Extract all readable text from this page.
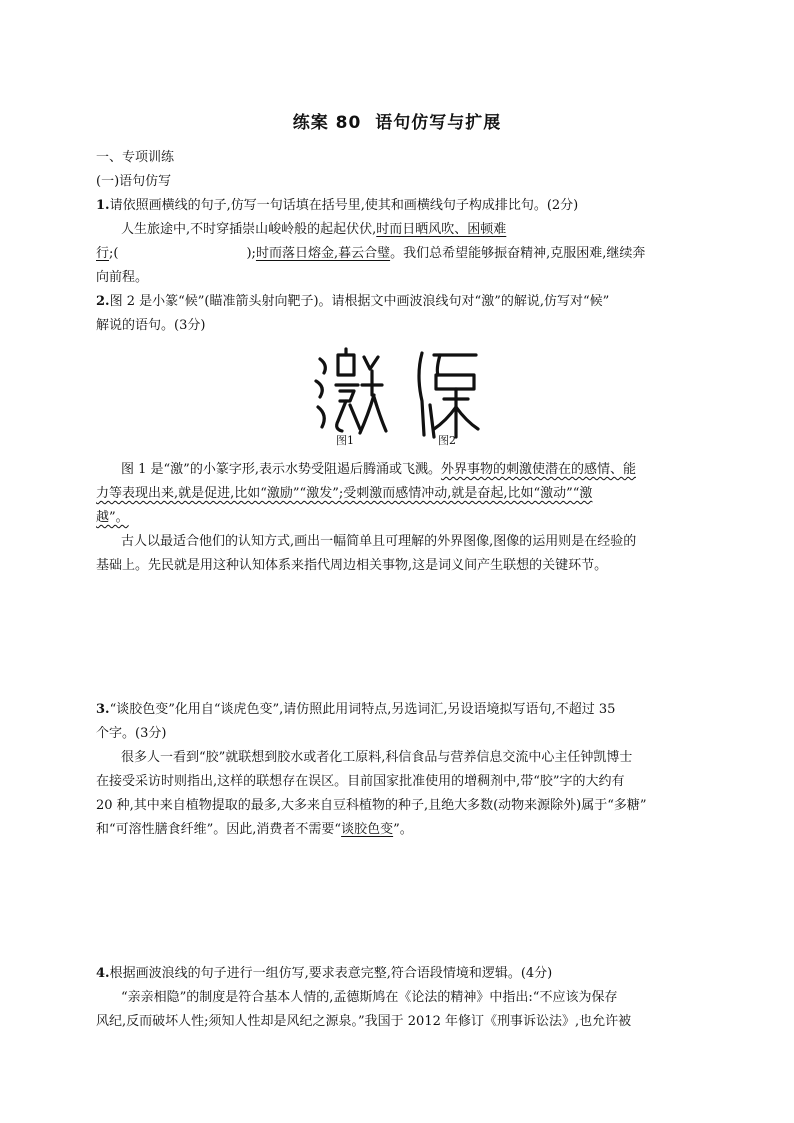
练案 80 语句仿写与扩展
一、专项训练
(一)语句仿写
1.请依照画横线的句子,仿写一句话填在括号里,使其和画横线句子构成排比句。(2分)
人生旅途中,不时穿插崇山峻岭般的起起伏伏,时而日晒风吹、困顿难
行;(	);时而落日熔金,暮云合璧。我们总希望能够振奋精神,克服困难,继续奔
向前程。
2.图 2 是小篆“候”(瞄准箭头射向靶子)。请根据文中画波浪线句对“激”的解说,仿写对“候”
解说的语句。(3分)
图1	图2
图 1 是“激”的小篆字形,表示水势受阻遏后腾涌或飞溅。外界事物的刺激使潜在的感情、能
力等表现出来,就是促进,比如“激励”“激发”;受刺激而感情冲动,就是奋起,比如“激动”“激
越”。
古人以最适合他们的认知方式,画出一幅简单且可理解的外界图像,图像的运用则是在经验的
基础上。先民就是用这种认知体系来指代周边相关事物,这是词义间产生联想的关键环节。
3.“谈胶色变”化用自“谈虎色变”,请仿照此用词特点,另选词汇,另设语境拟写语句,不超过 35
个字。(3分)
很多人一看到“胶”就联想到胶水或者化工原料,科信食品与营养信息交流中心主任钟凯博士
在接受采访时则指出,这样的联想存在误区。目前国家批准使用的增稠剂中,带“胶”字的大约有
20 种,其中来自植物提取的最多,大多来自豆科植物的种子,且绝大多数(动物来源除外)属于“多糖”
和“可溶性膳食纤维”。因此,消费者不需要“谈胶色变”。
4.根据画波浪线的句子进行一组仿写,要求表意完整,符合语段情境和逻辑。(4分)
“亲亲相隐”的制度是符合基本人情的,孟德斯鸠在《论法的精神》中指出:“不应该为保存
风纪,反而破坏人性;须知人性却是风纪之源泉。”我国于 2012 年修订《刑事诉讼法》,也允许被
